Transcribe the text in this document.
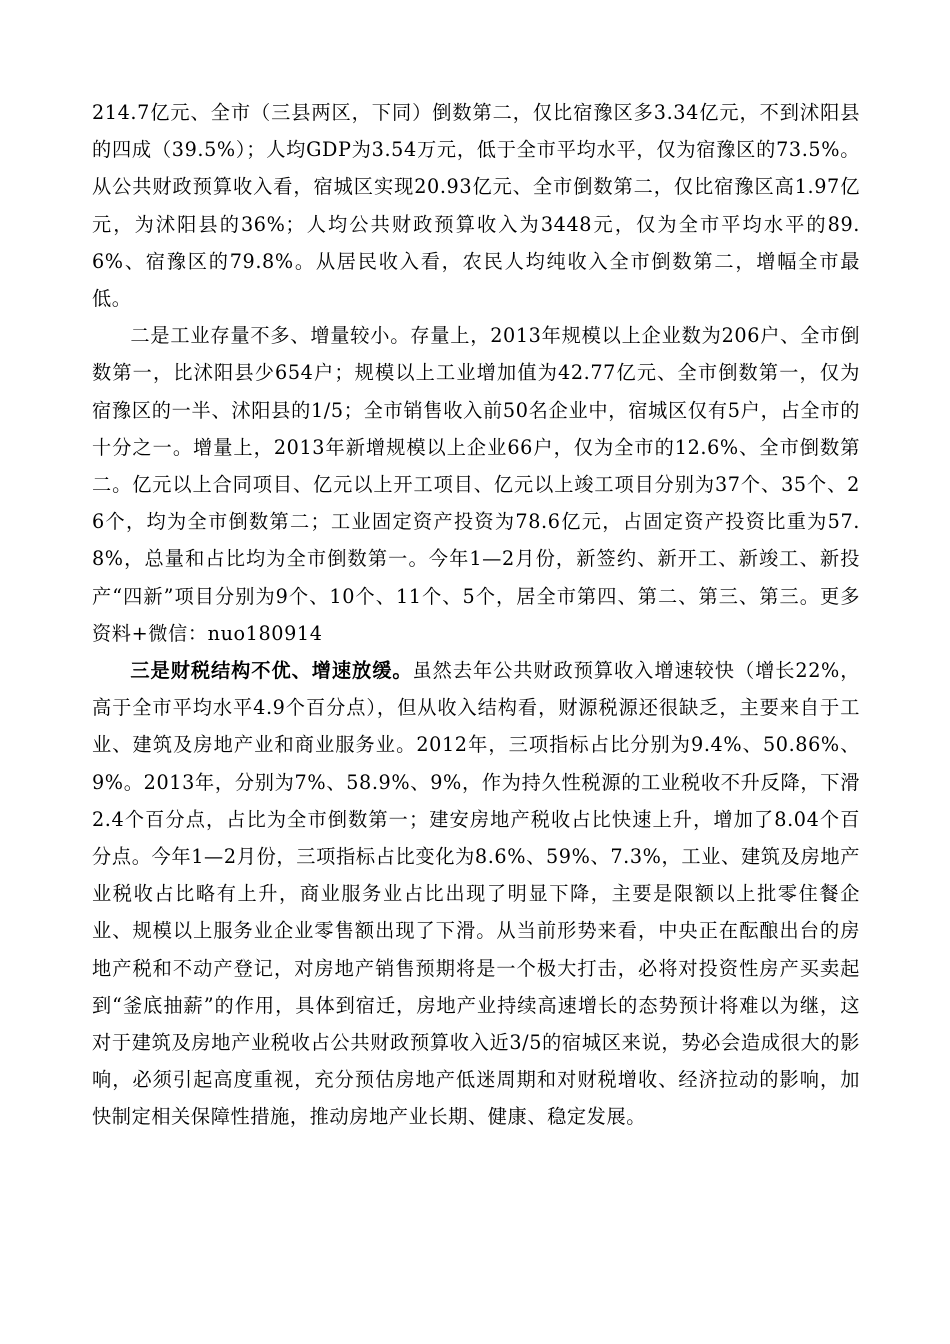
214.7亿元、全市（三县两区，下同）倒数第二，仅比宿豫区多3.34亿元，不到沭阳县的四成（39.5%）；人均GDP为3.54万元，低于全市平均水平，仅为宿豫区的73.5%。从公共财政预算收入看，宿城区实现20.93亿元、全市倒数第二，仅比宿豫区高1.97亿元，为沭阳县的36%；人均公共财政预算收入为3448元，仅为全市平均水平的89.6%、宿豫区的79.8%。从居民收入看，农民人均纯收入全市倒数第二，增幅全市最低。

二是工业存量不多、增量较小。存量上，2013年规模以上企业数为206户、全市倒数第一，比沭阳县少654户；规模以上工业增加值为42.77亿元、全市倒数第一，仅为宿豫区的一半、沭阳县的1/5；全市销售收入前50名企业中，宿城区仅有5户，占全市的十分之一。增量上，2013年新增规模以上企业66户，仅为全市的12.6%、全市倒数第二。亿元以上合同项目、亿元以上开工项目、亿元以上竣工项目分别为37个、35个、26个，均为全市倒数第二；工业固定资产投资为78.6亿元，占固定资产投资比重为57.8%，总量和占比均为全市倒数第一。今年1—2月份，新签约、新开工、新竣工、新投产“四新”项目分别为9个、10个、11个、5个，居全市第四、第二、第三、第三。更多资料+微信：nuo180914

三是财税结构不优、增速放缓。虽然去年公共财政预算收入增速较快（增长22%，高于全市平均水平4.9个百分点），但从收入结构看，财源税源还很缺乏，主要来自于工业、建筑及房地产业和商业服务业。2012年，三项指标占比分别为9.4%、50.86%、9%。2013年，分别为7%、58.9%、9%，作为持久性税源的工业税收不升反降，下滑2.4个百分点，占比为全市倒数第一；建安房地产税收占比快速上升，增加了8.04个百分点。今年1—2月份，三项指标占比变化为8.6%、59%、7.3%，工业、建筑及房地产业税收占比略有上升，商业服务业占比出现了明显下降，主要是限额以上批零住餐企业、规模以上服务业企业零售额出现了下滑。从当前形势来看，中央正在酝酿出台的房地产税和不动产登记，对房地产销售预期将是一个极大打击，必将对投资性房产买卖起到“釜底抽薪”的作用，具体到宿迁，房地产业持续高速增长的态势预计将难以为继，这对于建筑及房地产业税收占公共财政预算收入近3/5的宿城区来说，势必会造成很大的影响，必须引起高度重视，充分预估房地产低迷周期和对财税增收、经济拉动的影响，加快制定相关保障性措施，推动房地产业长期、健康、稳定发展。
